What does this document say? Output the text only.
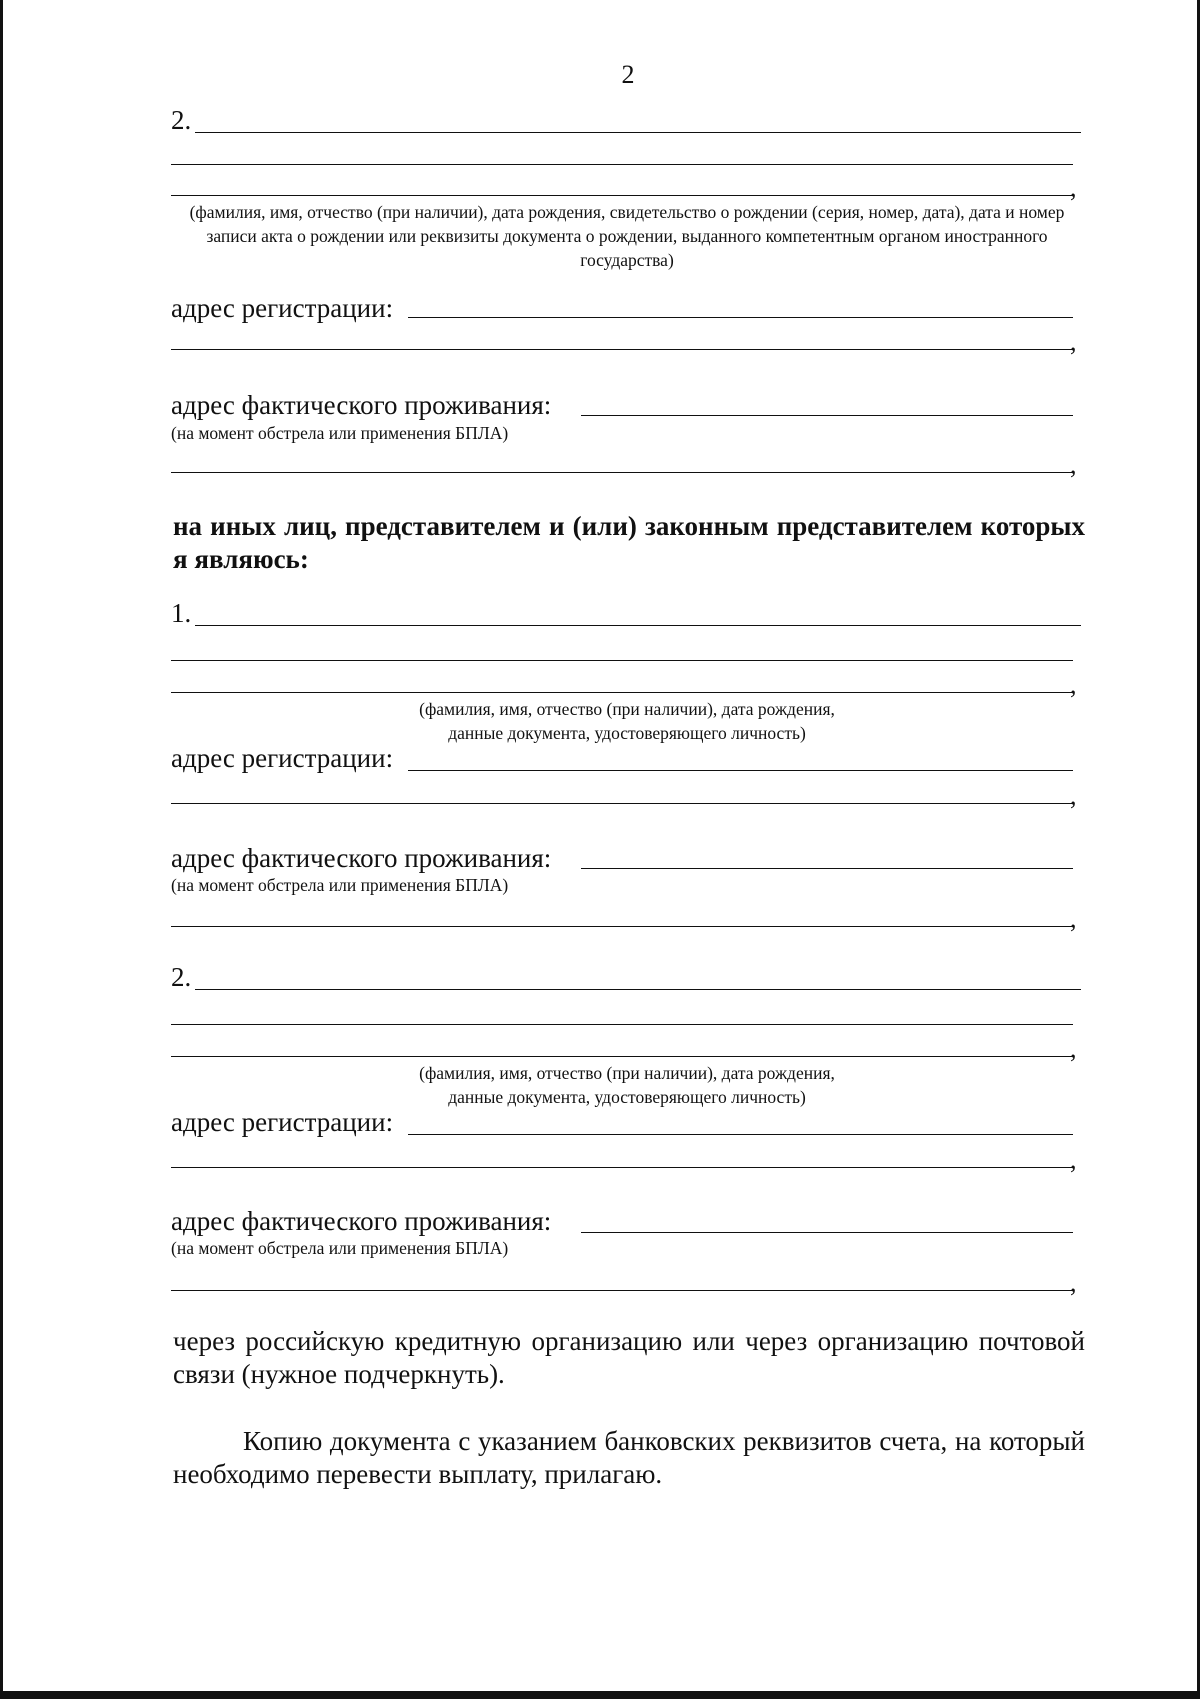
2
2.
,
(фамилия, имя, отчество (при наличии), дата рождения, свидетельство о рождении (серия, номер, дата), дата и номер записи акта о рождении или реквизиты документа о рождении, выданного компетентным органом иностранного государства)
адрес регистрации:
,
адрес фактического проживания:
(на момент обстрела или применения БПЛА)
,
на иных лиц, представителем и (или) законным представителем которых я являюсь:
1.
,
(фамилия, имя, отчество (при наличии), дата рождения,
данные документа, удостоверяющего личность)
адрес регистрации:
,
адрес фактического проживания:
(на момент обстрела или применения БПЛА)
,
2.
,
(фамилия, имя, отчество (при наличии), дата рождения,
данные документа, удостоверяющего личность)
адрес регистрации:
,
адрес фактического проживания:
(на момент обстрела или применения БПЛА)
,
через российскую кредитную организацию или через организацию почтовой связи (нужное подчеркнуть).
Копию документа с указанием банковских реквизитов счета, на который необходимо перевести выплату, прилагаю.
